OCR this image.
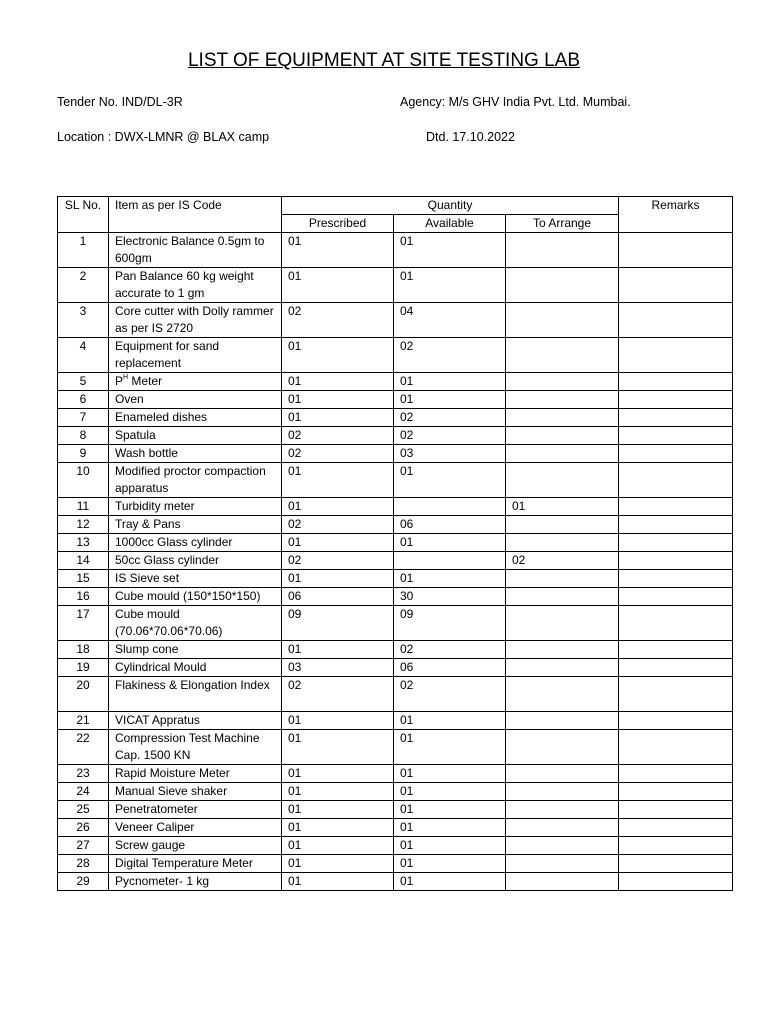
LIST OF EQUIPMENT AT SITE TESTING LAB
Tender No. IND/DL-3R	Agency: M/s GHV India Pvt. Ltd. Mumbai.
Location : DWX-LMNR @ BLAX camp	Dtd. 17.10.2022
SL No.	Item as per IS Code	Quantity			Remarks
		Prescribed	Available	To Arrange	
1	Electronic Balance 0.5gm to 600gm	01	01		
2	Pan Balance 60 kg weight accurate to 1 gm	01	01		
3	Core cutter with Dolly rammer as per IS 2720	02	04		
4	Equipment for sand replacement	01	02		
5	$P^H$ Meter	01	01		
6	Oven	01	01		
7	Enameled dishes	01	02		
8	Spatula	02	02		
9	Wash bottle	02	03		
10	Modified proctor compaction apparatus	01	01		
11	Turbidity meter	01		01	
12	Tray & Pans	02	06		
13	1000cc Glass cylinder	01	01		
14	50cc Glass cylinder	02		02	
15	IS Sieve set	01	01		
16	Cube mould (150*150*150)	06	30		
17	Cube mould (70.06*70.06*70.06)	09	09		
18	Slump cone	01	02		
19	Cylindrical Mould	03	06		
20	Flakiness & Elongation Index	02	02		
21	VICAT Appratus	01	01		
22	Compression Test Machine Cap. 1500 KN	01	01		
23	Rapid Moisture Meter	01	01		
24	Manual Sieve shaker	01	01		
25	Penetratometer	01	01		
26	Veneer Caliper	01	01		
27	Screw gauge	01	01		
28	Digital Temperature Meter	01	01		
29	Pycnometer- 1 kg	01	01		
